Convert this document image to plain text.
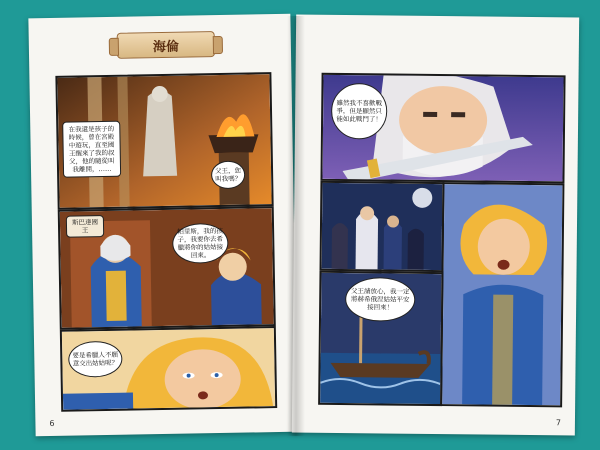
海倫
在我還是孩子的時候，曾在宮殿中遊玩，直至國王醒來了我的叔父，他的隨從叫我離開，……	父王，您叫我嗎？
斯巴達國王	帕里斯，我的孩子，我要你去希臘將你的姑姑接回來。
要是希臘人不願意交出姑姑呢？
6
雖然我不喜歡戰爭，但是顯然只能如此戰鬥了！
父王請放心，我一定將赫希俄涅姑姑平安接回來！
7
